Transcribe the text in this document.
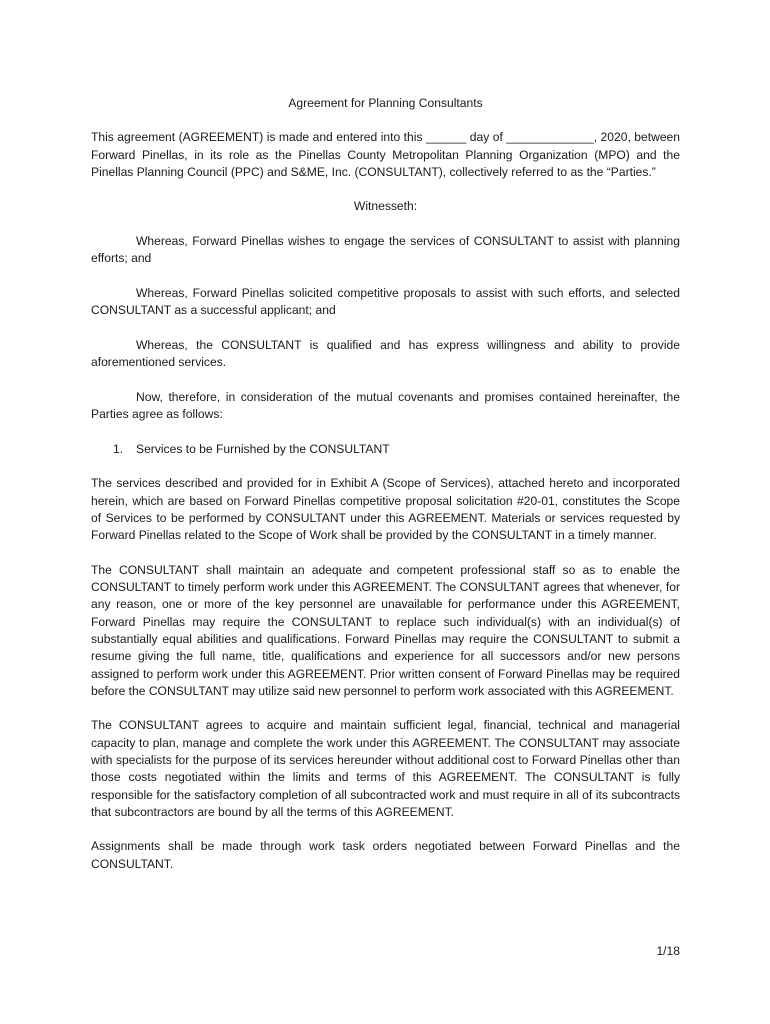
Agreement for Planning Consultants

This agreement (AGREEMENT) is made and entered into this ______ day of _____________, 2020, between Forward Pinellas, in its role as the Pinellas County Metropolitan Planning Organization (MPO) and the Pinellas Planning Council (PPC) and S&ME, Inc. (CONSULTANT), collectively referred to as the “Parties.”

Witnesseth:

Whereas, Forward Pinellas wishes to engage the services of CONSULTANT to assist with planning efforts; and

Whereas, Forward Pinellas solicited competitive proposals to assist with such efforts, and selected CONSULTANT as a successful applicant; and

Whereas, the CONSULTANT is qualified and has express willingness and ability to provide aforementioned services.

Now, therefore, in consideration of the mutual covenants and promises contained hereinafter, the Parties agree as follows:

1.	Services to be Furnished by the CONSULTANT

The services described and provided for in Exhibit A (Scope of Services), attached hereto and incorporated herein, which are based on Forward Pinellas competitive proposal solicitation #20-01, constitutes the Scope of Services to be performed by CONSULTANT under this AGREEMENT. Materials or services requested by Forward Pinellas related to the Scope of Work shall be provided by the CONSULTANT in a timely manner.

The CONSULTANT shall maintain an adequate and competent professional staff so as to enable the CONSULTANT to timely perform work under this AGREEMENT. The CONSULTANT agrees that whenever, for any reason, one or more of the key personnel are unavailable for performance under this AGREEMENT, Forward Pinellas may require the CONSULTANT to replace such individual(s) with an individual(s) of substantially equal abilities and qualifications. Forward Pinellas may require the CONSULTANT to submit a resume giving the full name, title, qualifications and experience for all successors and/or new persons assigned to perform work under this AGREEMENT. Prior written consent of Forward Pinellas may be required before the CONSULTANT may utilize said new personnel to perform work associated with this AGREEMENT.

The CONSULTANT agrees to acquire and maintain sufficient legal, financial, technical and managerial capacity to plan, manage and complete the work under this AGREEMENT. The CONSULTANT may associate with specialists for the purpose of its services hereunder without additional cost to Forward Pinellas other than those costs negotiated within the limits and terms of this AGREEMENT. The CONSULTANT is fully responsible for the satisfactory completion of all subcontracted work and must require in all of its subcontracts that subcontractors are bound by all the terms of this AGREEMENT.

Assignments shall be made through work task orders negotiated between Forward Pinellas and the CONSULTANT.

1/18
